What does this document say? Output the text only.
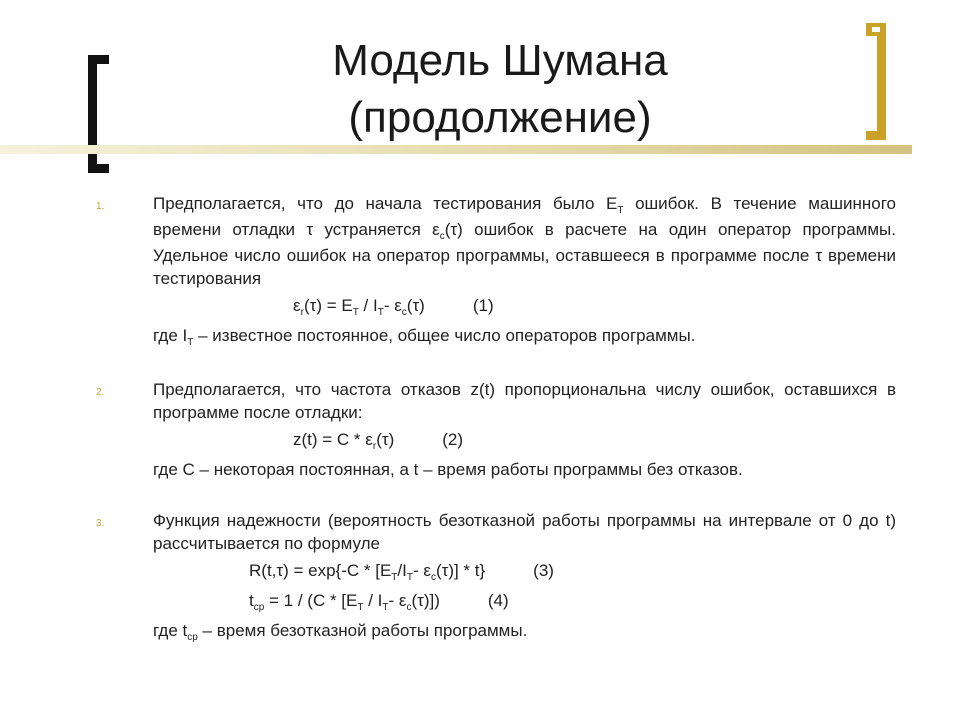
Модель Шумана
(продолжение)
1.	Предполагается, что до начала тестирования было $E_T$ ошибок. В течение машинного времени отладки τ устраняется $\varepsilon_c(\tau)$ ошибок в расчете на один оператор программы. Удельное число ошибок на оператор программы, оставшееся в программе после τ времени тестирования
$\varepsilon_r(\tau) = E_T / I_T-$ $\varepsilon_c(\tau)$	(1)
где $I_T$ – известное постоянное, общее число операторов программы.
2.	Предполагается, что частота отказов z(t) пропорциональна числу ошибок, оставшихся в программе после отладки:
$z(t) = C * \varepsilon_r(\tau)$	(2)
где С – некоторая постоянная, а t – время работы программы без отказов.
3.	Функция надежности (вероятность безотказной работы программы на интервале от 0 до t) рассчитывается по формуле
$R(t,\tau) = \exp\{-C * [E_T/I_T-$ $\varepsilon_c(\tau)] * t$}	(3)
$t_{cp} = 1 / (C * [E_T / I_T-$ $\varepsilon_c(\tau)$])	(4)
где $t_{cp}$ – время безотказной работы программы.
